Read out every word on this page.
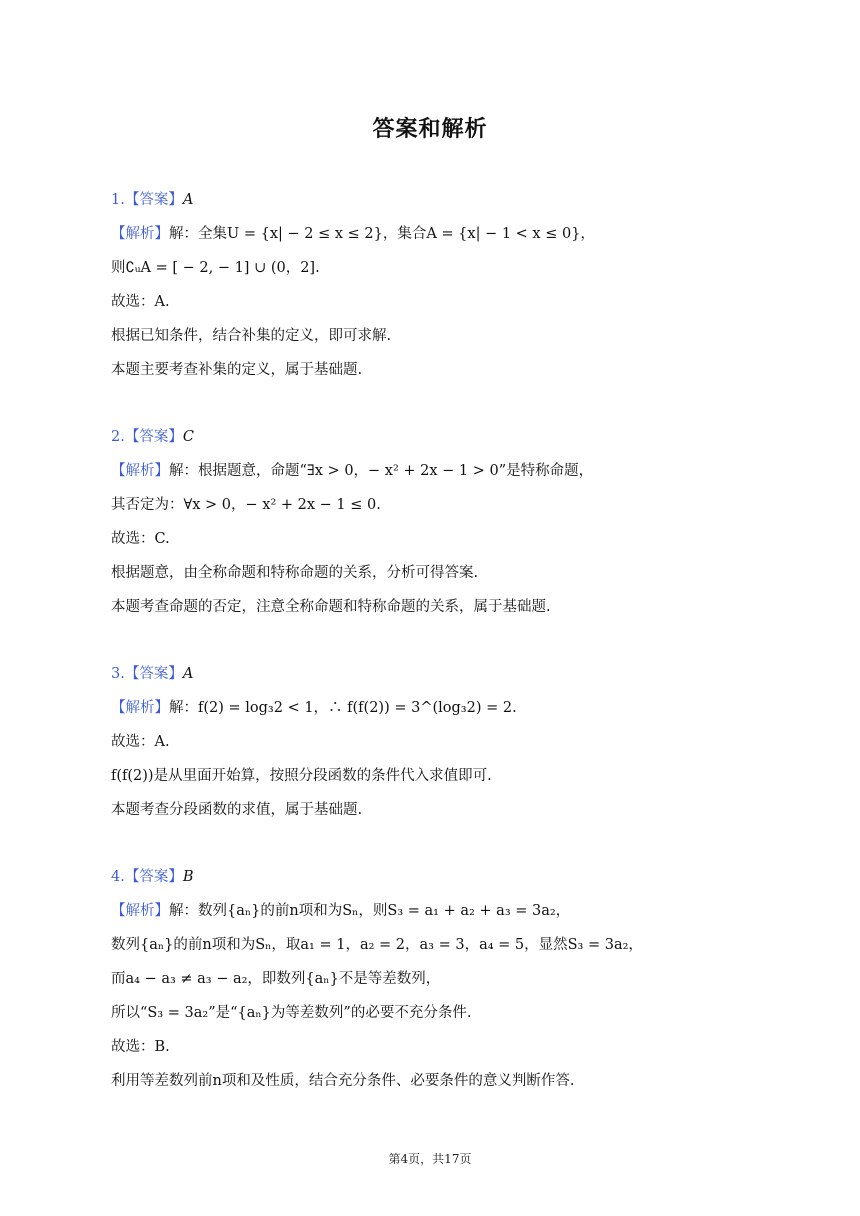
答案和解析
1.【答案】A
【解析】解：全集U = {x| − 2 ≤ x ≤ 2}，集合A = {x| − 1 < x ≤ 0}，
则∁ᵤA = [ − 2, − 1] ∪ (0，2].
故选：A.
根据已知条件，结合补集的定义，即可求解.
本题主要考查补集的定义，属于基础题.
2.【答案】C
【解析】解：根据题意，命题“∃x > 0，− x² + 2x − 1 > 0”是特称命题，
其否定为：∀x > 0，− x² + 2x − 1 ≤ 0.
故选：C.
根据题意，由全称命题和特称命题的关系，分析可得答案.
本题考查命题的否定，注意全称命题和特称命题的关系，属于基础题.
3.【答案】A
【解析】解：f(2) = log₃2 < 1，∴ f(f(2)) = 3^(log₃2) = 2.
故选：A.
f(f(2))是从里面开始算，按照分段函数的条件代入求值即可.
本题考查分段函数的求值，属于基础题.
4.【答案】B
【解析】解：数列{aₙ}的前n项和为Sₙ，则S₃ = a₁ + a₂ + a₃ = 3a₂，
数列{aₙ}的前n项和为Sₙ，取a₁ = 1，a₂ = 2，a₃ = 3，a₄ = 5，显然S₃ = 3a₂，
而a₄ − a₃ ≠ a₃ − a₂，即数列{aₙ}不是等差数列，
所以“S₃ = 3a₂”是“{aₙ}为等差数列”的必要不充分条件.
故选：B.
利用等差数列前n项和及性质，结合充分条件、必要条件的意义判断作答.
第4页，共17页
